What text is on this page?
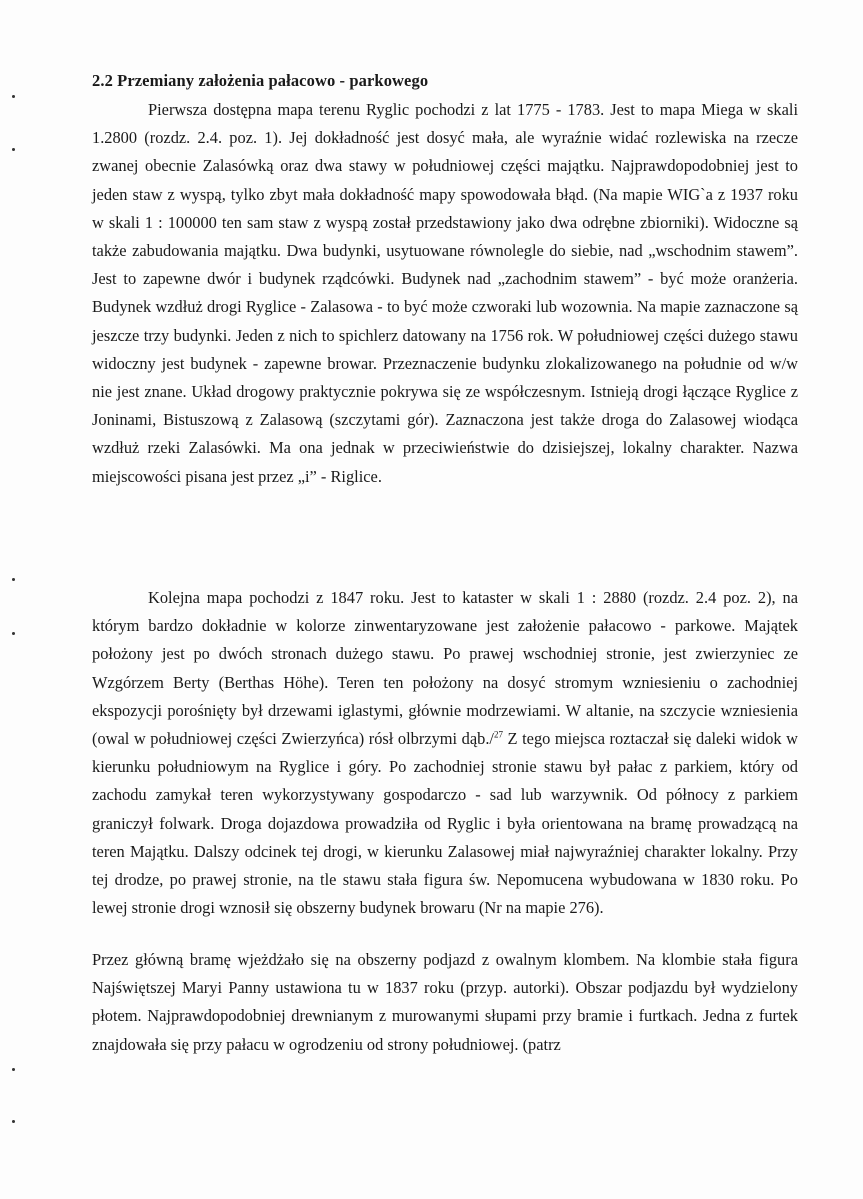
2.2 Przemiany założenia pałacowo - parkowego

Pierwsza dostępna mapa terenu Ryglic pochodzi z lat 1775 - 1783. Jest to mapa Miega w skali 1.2800 (rozdz. 2.4. poz. 1). Jej dokładność jest dosyć mała, ale wyraźnie widać rozlewiska na rzecze zwanej obecnie Zalasówką oraz dwa stawy w południowej części majątku. Najprawdopodobniej jest to jeden staw z wyspą, tylko zbyt mała dokładność mapy spowodowała błąd. (Na mapie WIG`a z 1937 roku w skali 1 : 100000 ten sam staw z wyspą został przedstawiony jako dwa odrębne zbiorniki). Widoczne są także zabudowania majątku. Dwa budynki, usytuowane równolegle do siebie, nad „wschodnim stawem”. Jest to zapewne dwór i budynek rządcówki. Budynek nad „zachodnim stawem” - być może oranżeria. Budynek wzdłuż drogi Ryglice - Zalasowa - to być może czworaki lub wozownia. Na mapie zaznaczone są jeszcze trzy budynki. Jeden z nich to spichlerz datowany na 1756 rok. W południowej części dużego stawu widoczny jest budynek - zapewne browar. Przeznaczenie budynku zlokalizowanego na południe od w/w nie jest znane. Układ drogowy praktycznie pokrywa się ze współczesnym. Istnieją drogi łączące Ryglice z Joninami, Bistuszową z Zalasową (szczytami gór). Zaznaczona jest także droga do Zalasowej wiodąca wzdłuż rzeki Zalasówki. Ma ona jednak w przeciwieństwie do dzisiejszej, lokalny charakter. Nazwa miejscowości pisana jest przez „i” - Riglice.

Kolejna mapa pochodzi z 1847 roku. Jest to kataster w skali 1 : 2880 (rozdz. 2.4 poz. 2), na którym bardzo dokładnie w kolorze zinwentaryzowane jest założenie pałacowo - parkowe. Majątek położony jest po dwóch stronach dużego stawu. Po prawej wschodniej stronie, jest zwierzyniec ze Wzgórzem Berty (Berthas Höhe). Teren ten położony na dosyć stromym wzniesieniu o zachodniej ekspozycji porośnięty był drzewami iglastymi, głównie modrzewiami. W altanie, na szczycie wzniesienia (owal w południowej części Zwierzyńca) rósł olbrzymi dąb./$^{27}$ Z tego miejsca roztaczał się daleki widok w kierunku południowym na Ryglice i góry. Po zachodniej stronie stawu był pałac z parkiem, który od zachodu zamykał teren wykorzystywany gospodarczo - sad lub warzywnik. Od północy z parkiem graniczył folwark. Droga dojazdowa prowadziła od Ryglic i była orientowana na bramę prowadzącą na teren Majątku. Dalszy odcinek tej drogi, w kierunku Zalasowej miał najwyraźniej charakter lokalny. Przy tej drodze, po prawej stronie, na tle stawu stała figura św. Nepomucena wybudowana w 1830 roku. Po lewej stronie drogi wznosił się obszerny budynek browaru (Nr na mapie 276).

Przez główną bramę wjeżdżało się na obszerny podjazd z owalnym klombem. Na klombie stała figura Najświętszej Maryi Panny ustawiona tu w 1837 roku (przyp. autorki). Obszar podjazdu był wydzielony płotem. Najprawdopodobniej drewnianym z murowanymi słupami przy bramie i furtkach. Jedna z furtek znajdowała się przy pałacu w ogrodzeniu od strony południowej. (patrz
